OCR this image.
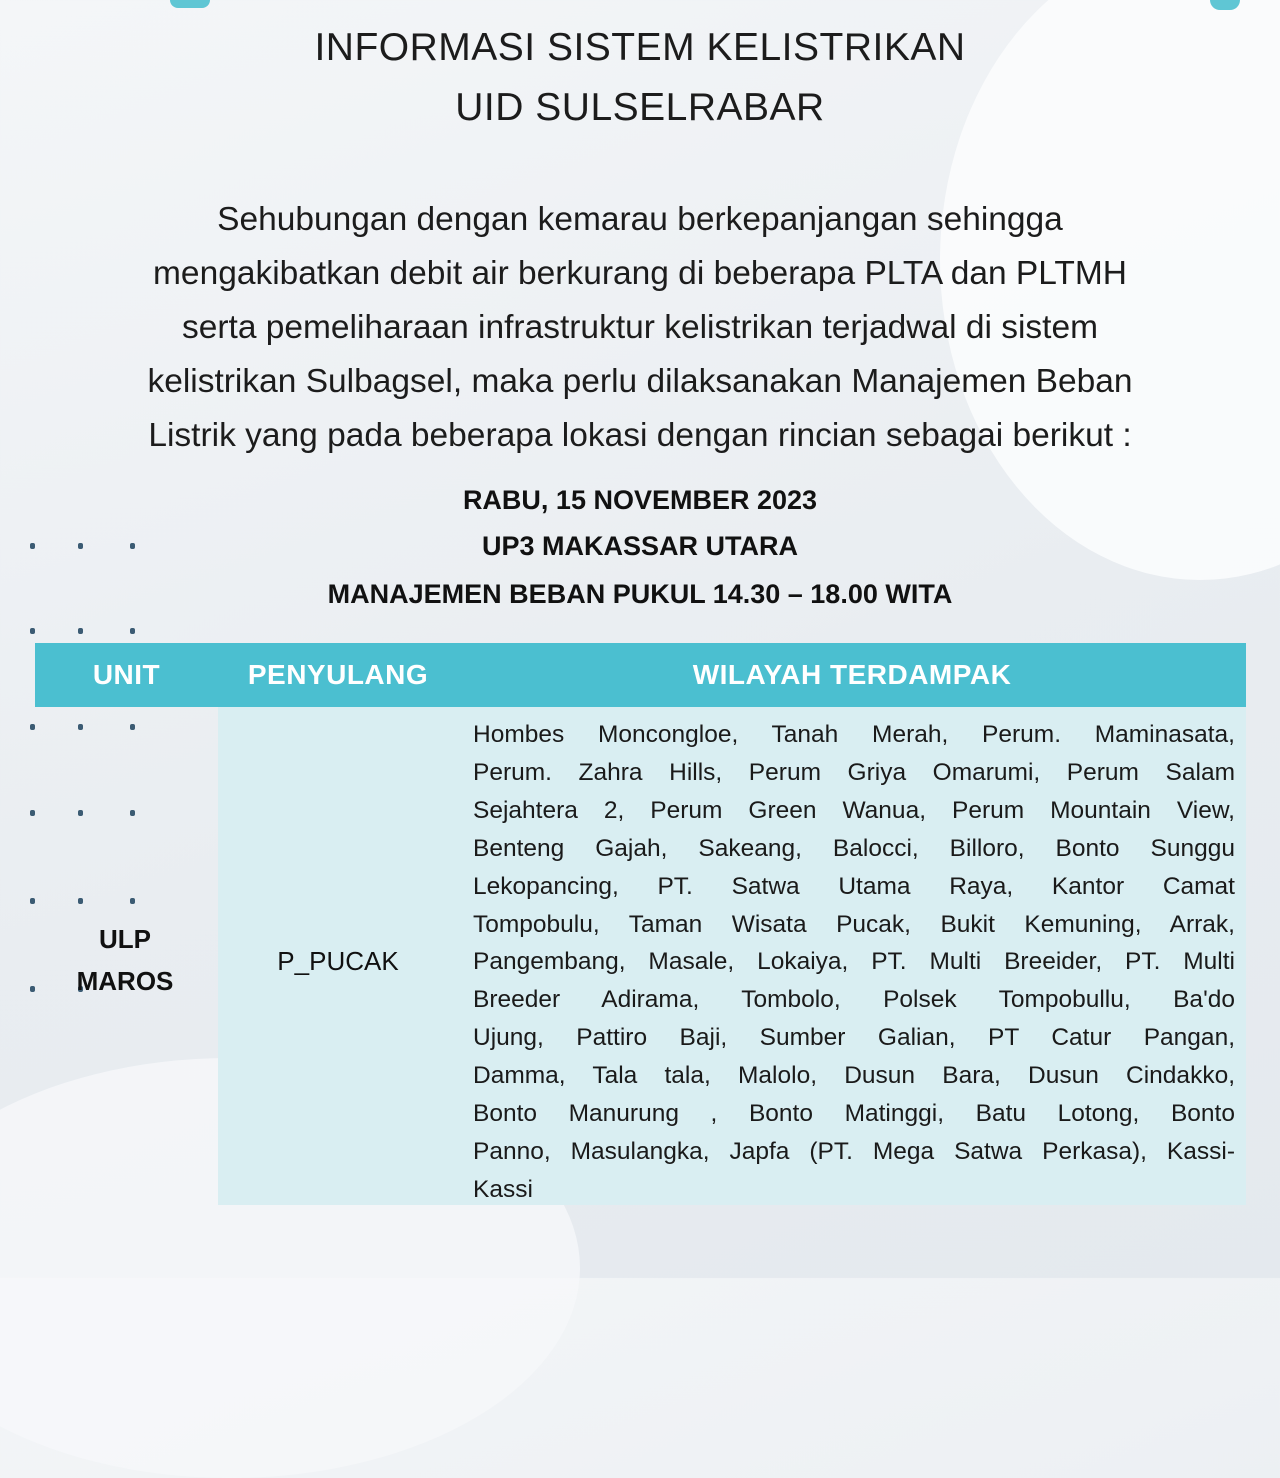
INFORMASI SISTEM KELISTRIKAN
UID SULSELRABAR
Sehubungan dengan kemarau berkepanjangan sehingga
mengakibatkan debit air berkurang di beberapa PLTA dan PLTMH
serta pemeliharaan infrastruktur kelistrikan terjadwal di sistem
kelistrikan Sulbagsel, maka perlu dilaksanakan Manajemen Beban
Listrik yang pada beberapa lokasi dengan rincian sebagai berikut :
RABU, 15 NOVEMBER 2023
UP3 MAKASSAR UTARA
MANAJEMEN BEBAN PUKUL 14.30 – 18.00 WITA
UNIT	PENYULANG	WILAYAH TERDAMPAK
ULP
MAROS
P_PUCAK
Hombes Moncongloe, Tanah Merah, Perum. Maminasata,
Perum. Zahra Hills, Perum Griya Omarumi, Perum Salam
Sejahtera 2, Perum Green Wanua, Perum Mountain View,
Benteng Gajah, Sakeang, Balocci, Billoro, Bonto Sunggu
Lekopancing, PT. Satwa Utama Raya, Kantor Camat
Tompobulu, Taman Wisata Pucak, Bukit Kemuning, Arrak,
Pangembang, Masale, Lokaiya, PT. Multi Breeider, PT. Multi
Breeder Adirama, Tombolo, Polsek Tompobullu, Ba'do
Ujung, Pattiro Baji, Sumber Galian, PT Catur Pangan,
Damma, Tala tala, Malolo, Dusun Bara, Dusun Cindakko,
Bonto Manurung , Bonto Matinggi, Batu Lotong, Bonto
Panno, Masulangka, Japfa (PT. Mega Satwa Perkasa), Kassi-
Kassi
